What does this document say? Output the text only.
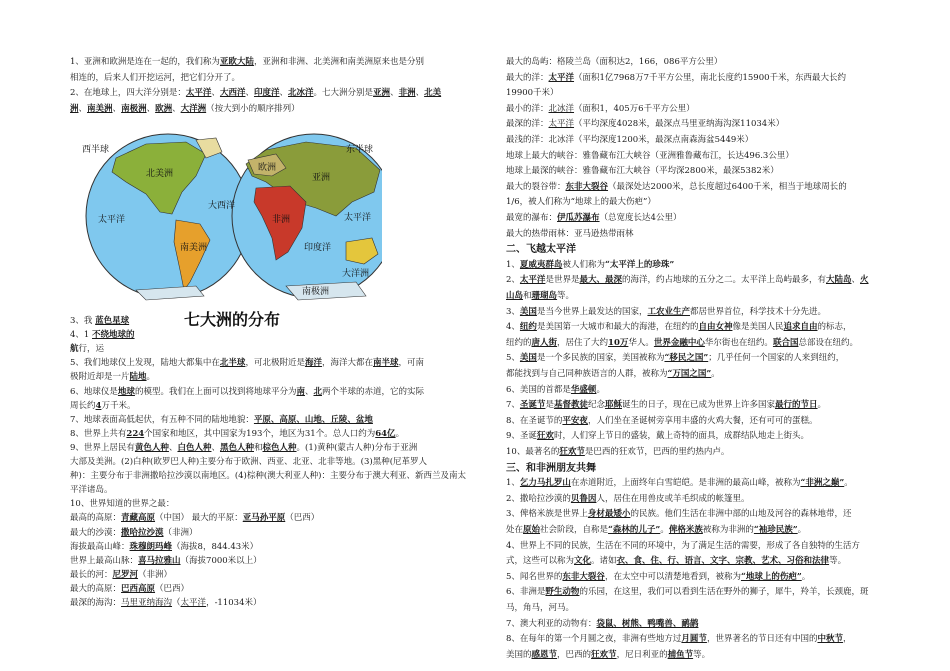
1、亚洲和欧洲是连在一起的，我们称为亚欧大陆，亚洲和非洲、北美洲和南美洲原来也是分别
相连的，后来人们开挖运河，把它们分开了。
2、在地球上，四大洋分别是：太平洋、大西洋、印度洋、北冰洋。七大洲分别是亚洲、非洲、北美
洲、南美洲、南极洲、欧洲、大洋洲（按大到小的顺序排列）
3、我 蓝色星球
4、1 不绕地球的
航行，运
5、我们地球仪上发现，陆地大都集中在北半球，可北极附近是海洋，海洋大都在南半球，可南
极附近却是一片陆地。
6、地球仪是地球的模型。我们在上面可以找到将地球平分为南、北两个半球的赤道，它的实际
周长约4万千米。
7、地球表面高低起伏，有五种不同的陆地地貌：平原、高原、山地、丘陵、盆地
8、世界上共有224个国家和地区，其中国家为193个，地区为31个。总人口约为64亿。
9、世界上居民有黄色人种、白色人种、黑色人种和棕色人种。(1)黄种(蒙古人种)分布于亚洲
大部及美洲。(2)白种(欧罗巴人种)主要分布于欧洲、西亚、北亚、北非等地。(3)黑种(尼革罗人
种)：主要分布于非洲撒哈拉沙漠以南地区。(4)棕种(澳大利亚人种)：主要分布于澳大利亚、新西兰及南太
平洋诸岛。
10、世界知道的世界之最：
最高的高原：青藏高原（中国） 最大的平原：亚马孙平原（巴西）
最大的沙漠：撒哈拉沙漠（非洲）
海拔最高山峰：珠穆朗玛峰（海拔8，844.43米）
世界上最高山脉：喜马拉雅山（海拔7000米以上）
最长的河：尼罗河（非洲）
最大的高原：巴西高原（巴西）
最深的海沟：马里亚纳海沟（太平洋，-11034米）
西半球	东半球
北美洲
南美洲
太平洋	太平洋
大西洋
印度洋
亚洲
非洲
欧洲
大洋洲
南极洲
七大洲的分布
最大的岛屿：格陵兰岛（面积达2，166，086平方公里）
最大的洋：太平洋（面积1亿7968万7千平方公里，南北长度约15900千米，东西最大长约
19900千米）
最小的洋：北冰洋（面积1，405万6千平方公里）
最深的洋：太平洋（平均深度4028米，最深点马里亚纳海沟深11034米）
最浅的洋：北冰洋（平均深度1200米，最深点南森海盆5449米）
地球上最大的峡谷：雅鲁藏布江大峡谷（亚洲雅鲁藏布江，长达496.3公里）
地球上最深的峡谷：雅鲁藏布江大峡谷（平均深2800米，最深5382米）
最大的裂谷带：东非大裂谷（最深处达2000米，总长度超过6400千米，相当于地球周长的
1/6，被人们称为“地球上的最大伤疤”）
最宽的瀑布：伊瓜苏瀑布（总宽度长达4公里）
最大的热带雨林：亚马逊热带雨林
二、飞越太平洋
1、夏威夷群岛被人们称为“太平洋上的珍珠”
2、太平洋是世界是最大、最深的海洋，约占地球的五分之二。太平洋上岛屿最多，有大陆岛、火
山岛和珊瑚岛等。
3、美国是当今世界上最发达的国家，工农业生产都居世界首位，科学技术十分先进。
4、纽约是美国第一大城市和最大的海港，在纽约的自由女神像是美国人民追求自由的标志，
纽约的唐人街，居住了大约10万华人。世界金融中心华尔街也在纽约。联合国总部设在纽约。
5、美国是一个多民族的国家，美国被称为“移民之国”；几乎任何一个国家的人来到纽约，
都能找到与自己同种族语言的人群，被称为“万国之国”。
6、美国的首都是华盛顿。
7、圣诞节是基督教徒纪念耶稣诞生的日子，现在已成为世界上许多国家最行的节日。
8、在圣诞节的平安夜，人们坐在圣诞树旁享用丰盛的火鸡大餐，还有可可的蛋糕。
9、圣诞狂欢时，人们穿上节日的盛装，戴上奇特的面具，成群结队地走上街头。
10、最著名的狂欢节是巴西的狂欢节，巴西的里约热内卢。
三、和非洲朋友共舞
1、乞力马扎罗山在赤道附近，上面终年白雪皑皑。是非洲的最高山峰，被称为“非洲之巅”。
2、撒哈拉沙漠的贝鲁因人，居住在用兽皮或羊毛织成的帐篷里。
3、俾格米族是世界上身材最矮小的民族。他们生活在非洲中部的山地及河谷的森林地带，还
处在原始社会阶段，自称是“森林的儿子”。俾格米族被称为非洲的“袖珍民族”。
4、世界上不同的民族，生活在不同的环境中，为了满足生活的需要，形成了各自独特的生活方
式，这些可以称为文化。诸如衣、食、住、行、语言、文字、宗教、艺术、习俗和法律等。
5、闻名世界的东非大裂谷，在太空中可以清楚地看到，被称为“地球上的伤疤”。
6、非洲是野生动物的乐园，在这里，我们可以看到生活在野外的狮子，犀牛，羚羊，长颈鹿，斑
马，角马，河马。
7、澳大利亚的动物有：袋鼠、树熊、鸭嘴兽、鸸鹋
8、在每年的第一个月圆之夜，非洲有些地方过月圆节，世界著名的节日还有中国的中秋节，
美国的感恩节，巴西的狂欢节，尼日利亚的捕鱼节等。
